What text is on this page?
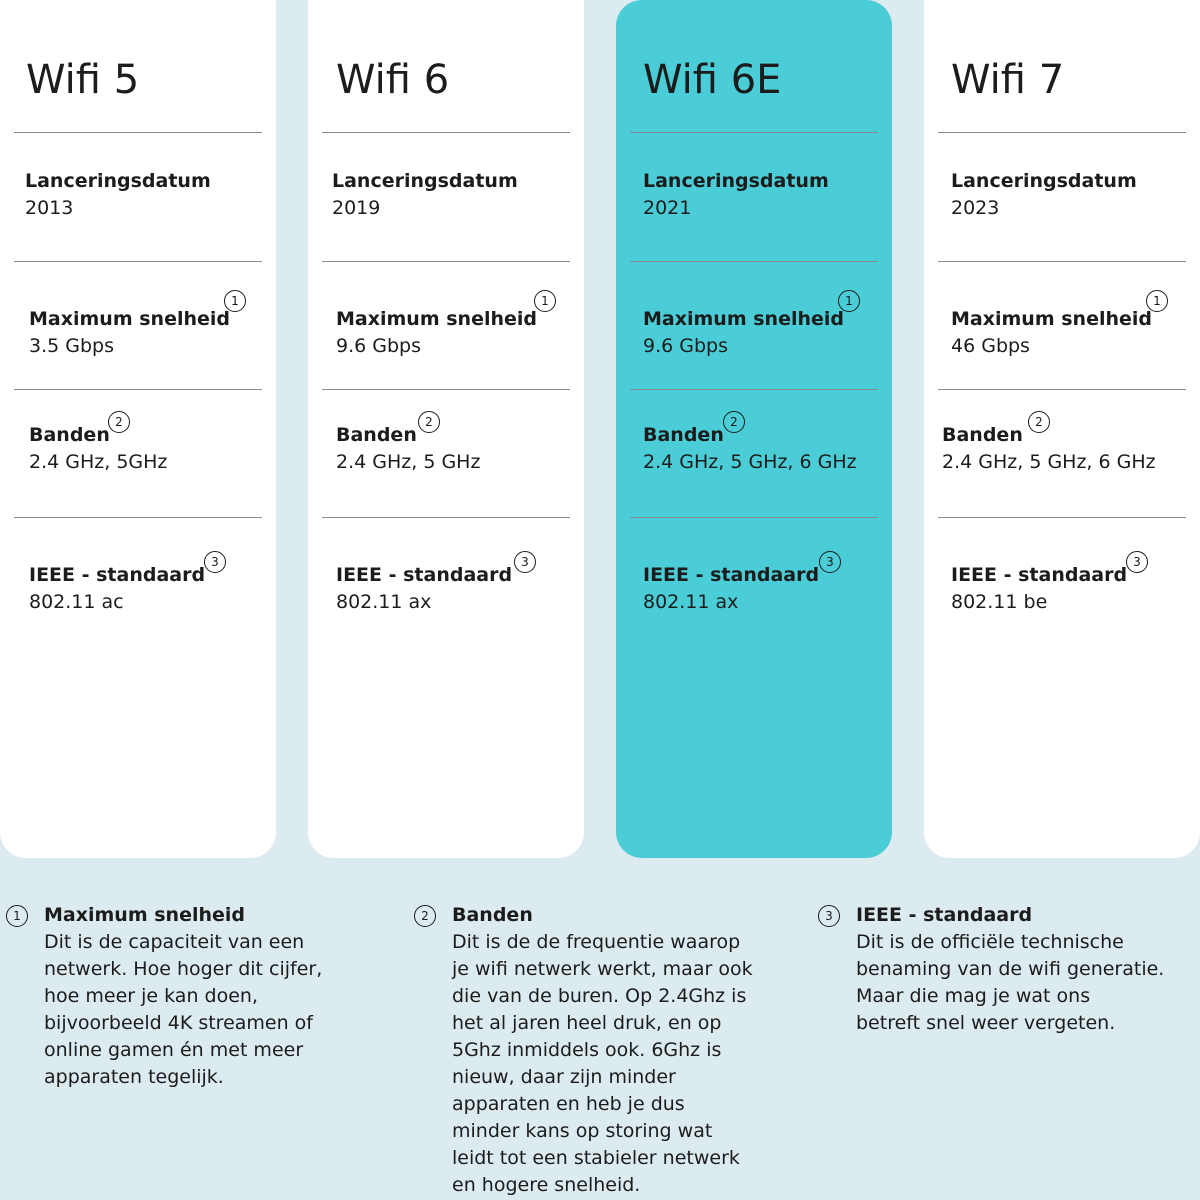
Wifi 5
Lanceringsdatum
2013
Maximum snelheid
3.5 Gbps
1
Banden
2.4 GHz, 5GHz
2
IEEE - standaard
802.11 ac
3
Wifi 6
Lanceringsdatum
2019
Maximum snelheid
9.6 Gbps
1
Banden
2.4 GHz, 5 GHz
2
IEEE - standaard
802.11 ax
3
Wifi 6E
Lanceringsdatum
2021
Maximum snelheid
9.6 Gbps
1
Banden
2.4 GHz, 5 GHz, 6 GHz
2
IEEE - standaard
802.11 ax
3
Wifi 7
Lanceringsdatum
2023
Maximum snelheid
46 Gbps
1
Banden
2.4 GHz, 5 GHz, 6 GHz
2
IEEE - standaard
802.11 be
3
1	Maximum snelheid
Dit is de capaciteit van een
netwerk. Hoe hoger dit cijfer,
hoe meer je kan doen,
bijvoorbeeld 4K streamen of
online gamen én met meer
apparaten tegelijk.
2	Banden
Dit is de de frequentie waarop
je wifi netwerk werkt, maar ook
die van de buren. Op 2.4Ghz is
het al jaren heel druk, en op
5Ghz inmiddels ook. 6Ghz is
nieuw, daar zijn minder
apparaten en heb je dus
minder kans op storing wat
leidt tot een stabieler netwerk
en hogere snelheid.
3	IEEE - standaard
Dit is de officiële technische
benaming van de wifi generatie.
Maar die mag je wat ons
betreft snel weer vergeten.
